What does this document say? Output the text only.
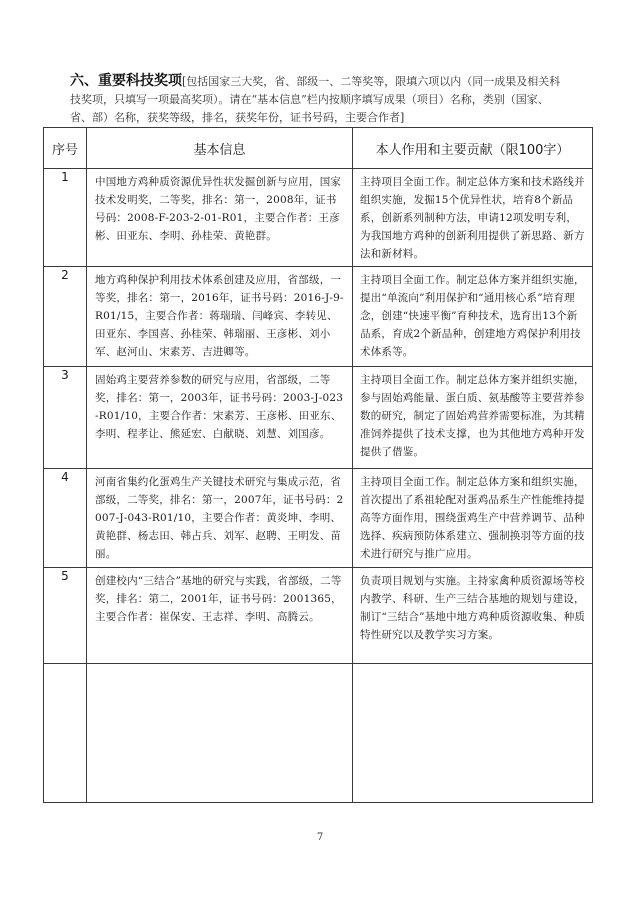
六、重要科技奖项[包括国家三大奖，省、部级一、二等奖等，限填六项以内（同一成果及相关科技奖项，只填写一项最高奖项）。请在“基本信息”栏内按顺序填写成果（项目）名称，类别（国家、省、部）名称，获奖等级，排名，获奖年份，证书号码，主要合作者]
序号	基本信息	本人作用和主要贡献（限100字）
1	中国地方鸡种质资源优异性状发掘创新与应用，国家技术发明奖，二等奖，排名：第一，2008年，证书号码：2008-F-203-2-01-R01，主要合作者：王彦彬、田亚东、李明、孙桂荣、黄艳群。	主持项目全面工作。制定总体方案和技术路线并组织实施，发掘15个优异性状，培育8个新品系，创新系列制种方法，申请12项发明专利，为我国地方鸡种的创新利用提供了新思路、新方法和新材料。
2	地方鸡种保护利用技术体系创建及应用，省部级，一等奖，排名：第一，2016年，证书号码：2016-J-9-R01/15，主要合作者：蒋瑞瑞、闫峰宾、李转见、田亚东、李国喜、孙桂荣、韩瑞丽、王彦彬、刘小军、赵河山、宋素芳、吉进卿等。	主持项目全面工作。制定总体方案并组织实施，提出“单流向”利用保护和“通用核心系”培育理念，创建“快速平衡”育种技术，选育出13个新品系，育成2个新品种，创建地方鸡保护利用技术体系等。
3	固始鸡主要营养参数的研究与应用，省部级，二等奖，排名：第一，2003年，证书号码：2003-J-023-R01/10，主要合作者：宋素芳、王彦彬、田亚东、李明、程孝让、熊延宏、白献晓、刘慧、刘国彦。	主持项目全面工作。制定总体方案并组织实施，参与固始鸡能量、蛋白质、氨基酸等主要营养参数的研究，制定了固始鸡营养需要标准，为其精准饲养提供了技术支撑，也为其他地方鸡种开发提供了借鉴。
4	河南省集约化蛋鸡生产关键技术研究与集成示范，省部级，二等奖，排名：第一，2007年，证书号码：2007-J-043-R01/10，主要合作者：黄炎坤、李明、黄艳群、杨志田、韩占兵、刘军、赵聘、王明发、苗丽。	主持项目全面工作。制定总体方案和组织实施，首次提出了系祖轮配对蛋鸡品系生产性能维持提高等方面作用，围绕蛋鸡生产中营养调节、品种选择、疾病预防体系建立、强制换羽等方面的技术进行研究与推广应用。
5	创建校内“三结合”基地的研究与实践，省部级，二等奖，排名：第二，2001年，证书号码：2001365，主要合作者：崔保安、王志祥、李明、高腾云。	负责项目规划与实施。主持家禽种质资源场等校内教学、科研、生产三结合基地的规划与建设，制订“三结合”基地中地方鸡种质资源收集、种质特性研究以及教学实习方案。

7
